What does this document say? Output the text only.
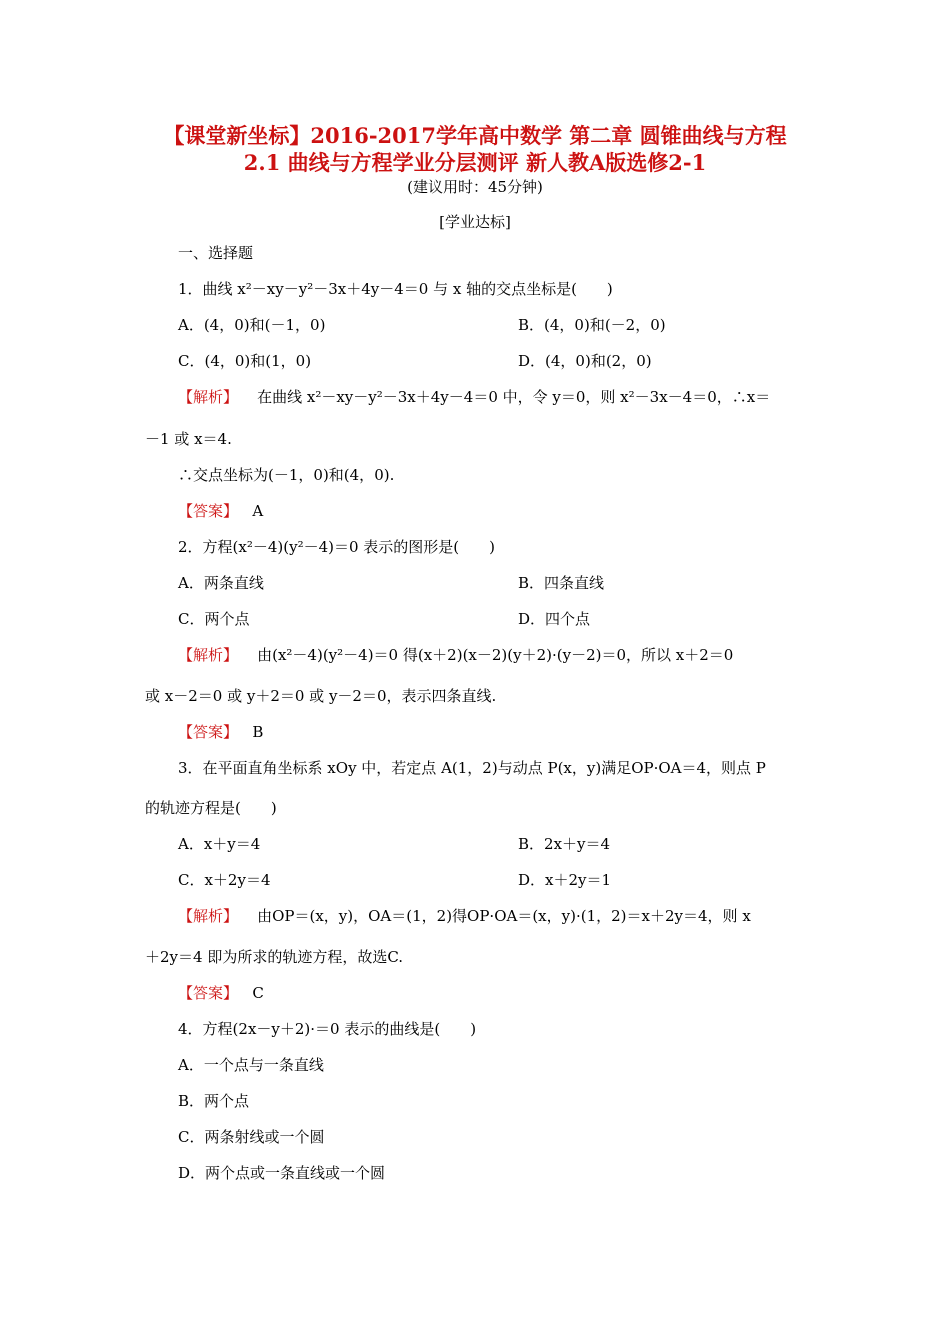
【课堂新坐标】2016-2017学年高中数学 第二章 圆锥曲线与方程
2.1 曲线与方程学业分层测评 新人教A版选修2-1
(建议用时：45分钟)
[学业达标]
一、选择题
1．曲线 x²－xy－y²－3x＋4y－4＝0 与 x 轴的交点坐标是(　　)
A．(4，0)和(－1，0)	B．(4，0)和(－2，0)
C．(4，0)和(1，0)	D．(4，0)和(2，0)
【解析】 在曲线 x²－xy－y²－3x＋4y－4＝0 中，令 y＝0，则 x²－3x－4＝0，∴x＝
－1 或 x＝4.
∴交点坐标为(－1，0)和(4，0).
【答案】 A
2．方程(x²－4)(y²－4)＝0 表示的图形是(　　)
A．两条直线	B．四条直线
C．两个点	D．四个点
【解析】 由(x²－4)(y²－4)＝0 得(x＋2)(x－2)(y＋2)·(y－2)＝0，所以 x＋2＝0
或 x－2＝0 或 y＋2＝0 或 y－2＝0，表示四条直线.
【答案】 B
3．在平面直角坐标系 xOy 中，若定点 A(1，2)与动点 P(x，y)满足OP·OA＝4，则点 P
的轨迹方程是(　　)
A．x＋y＝4	B．2x＋y＝4
C．x＋2y＝4	D．x＋2y＝1
【解析】 由OP＝(x，y)，OA＝(1，2)得OP·OA＝(x，y)·(1，2)＝x＋2y＝4，则 x
＋2y＝4 即为所求的轨迹方程，故选C.
【答案】 C
4．方程(2x－y＋2)·＝0 表示的曲线是(　　)
A．一个点与一条直线
B．两个点
C．两条射线或一个圆
D．两个点或一条直线或一个圆
